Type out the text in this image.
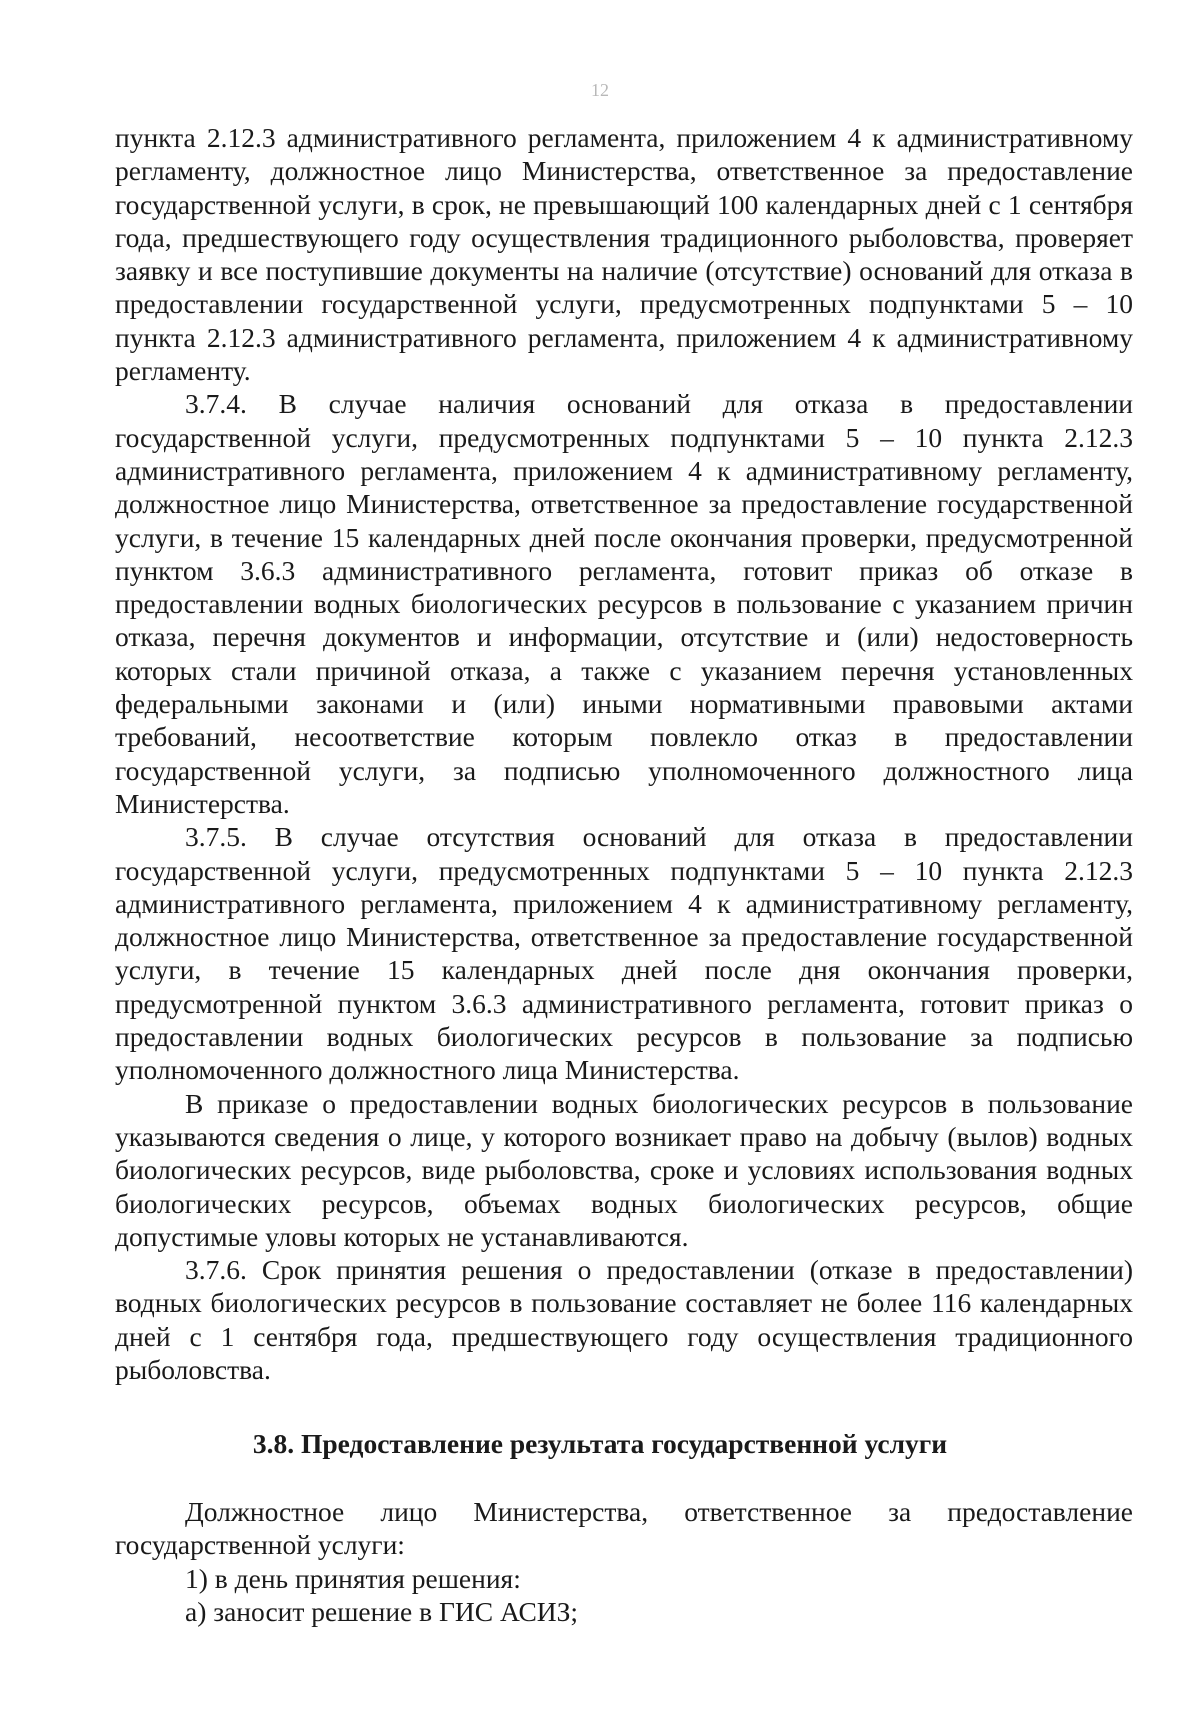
12

пункта 2.12.3 административного регламента, приложением 4 к административному регламенту, должностное лицо Министерства, ответственное за предоставление государственной услуги, в срок, не превышающий 100 календарных дней с 1 сентября года, предшествующего году осуществления традиционного рыболовства, проверяет заявку и все поступившие документы на наличие (отсутствие) оснований для отказа в предоставлении государственной услуги, предусмотренных подпунктами 5 – 10 пункта 2.12.3 административного регламента, приложением 4 к административному регламенту.

3.7.4. В случае наличия оснований для отказа в предоставлении государственной услуги, предусмотренных подпунктами 5 – 10 пункта 2.12.3 административного регламента, приложением 4 к административному регламенту, должностное лицо Министерства, ответственное за предоставление государственной услуги, в течение 15 календарных дней после окончания проверки, предусмотренной пунктом 3.6.3 административного регламента, готовит приказ об отказе в предоставлении водных биологических ресурсов в пользование с указанием причин отказа, перечня документов и информации, отсутствие и (или) недостоверность которых стали причиной отказа, а также с указанием перечня установленных федеральными законами и (или) иными нормативными правовыми актами требований, несоответствие которым повлекло отказ в предоставлении государственной услуги, за подписью уполномоченного должностного лица Министерства.

3.7.5. В случае отсутствия оснований для отказа в предоставлении государственной услуги, предусмотренных подпунктами 5 – 10 пункта 2.12.3 административного регламента, приложением 4 к административному регламенту, должностное лицо Министерства, ответственное за предоставление государственной услуги, в течение 15 календарных дней после дня окончания проверки, предусмотренной пунктом 3.6.3 административного регламента, готовит приказ о предоставлении водных биологических ресурсов в пользование за подписью уполномоченного должностного лица Министерства.

В приказе о предоставлении водных биологических ресурсов в пользование указываются сведения о лице, у которого возникает право на добычу (вылов) водных биологических ресурсов, виде рыболовства, сроке и условиях использования водных биологических ресурсов, объемах водных биологических ресурсов, общие допустимые уловы которых не устанавливаются.

3.7.6. Срок принятия решения о предоставлении (отказе в предоставлении) водных биологических ресурсов в пользование составляет не более 116 календарных дней с 1 сентября года, предшествующего году осуществления традиционного рыболовства.

3.8. Предоставление результата государственной услуги

Должностное лицо Министерства, ответственное за предоставление государственной услуги:

1) в день принятия решения:

а) заносит решение в ГИС АСИЗ;
